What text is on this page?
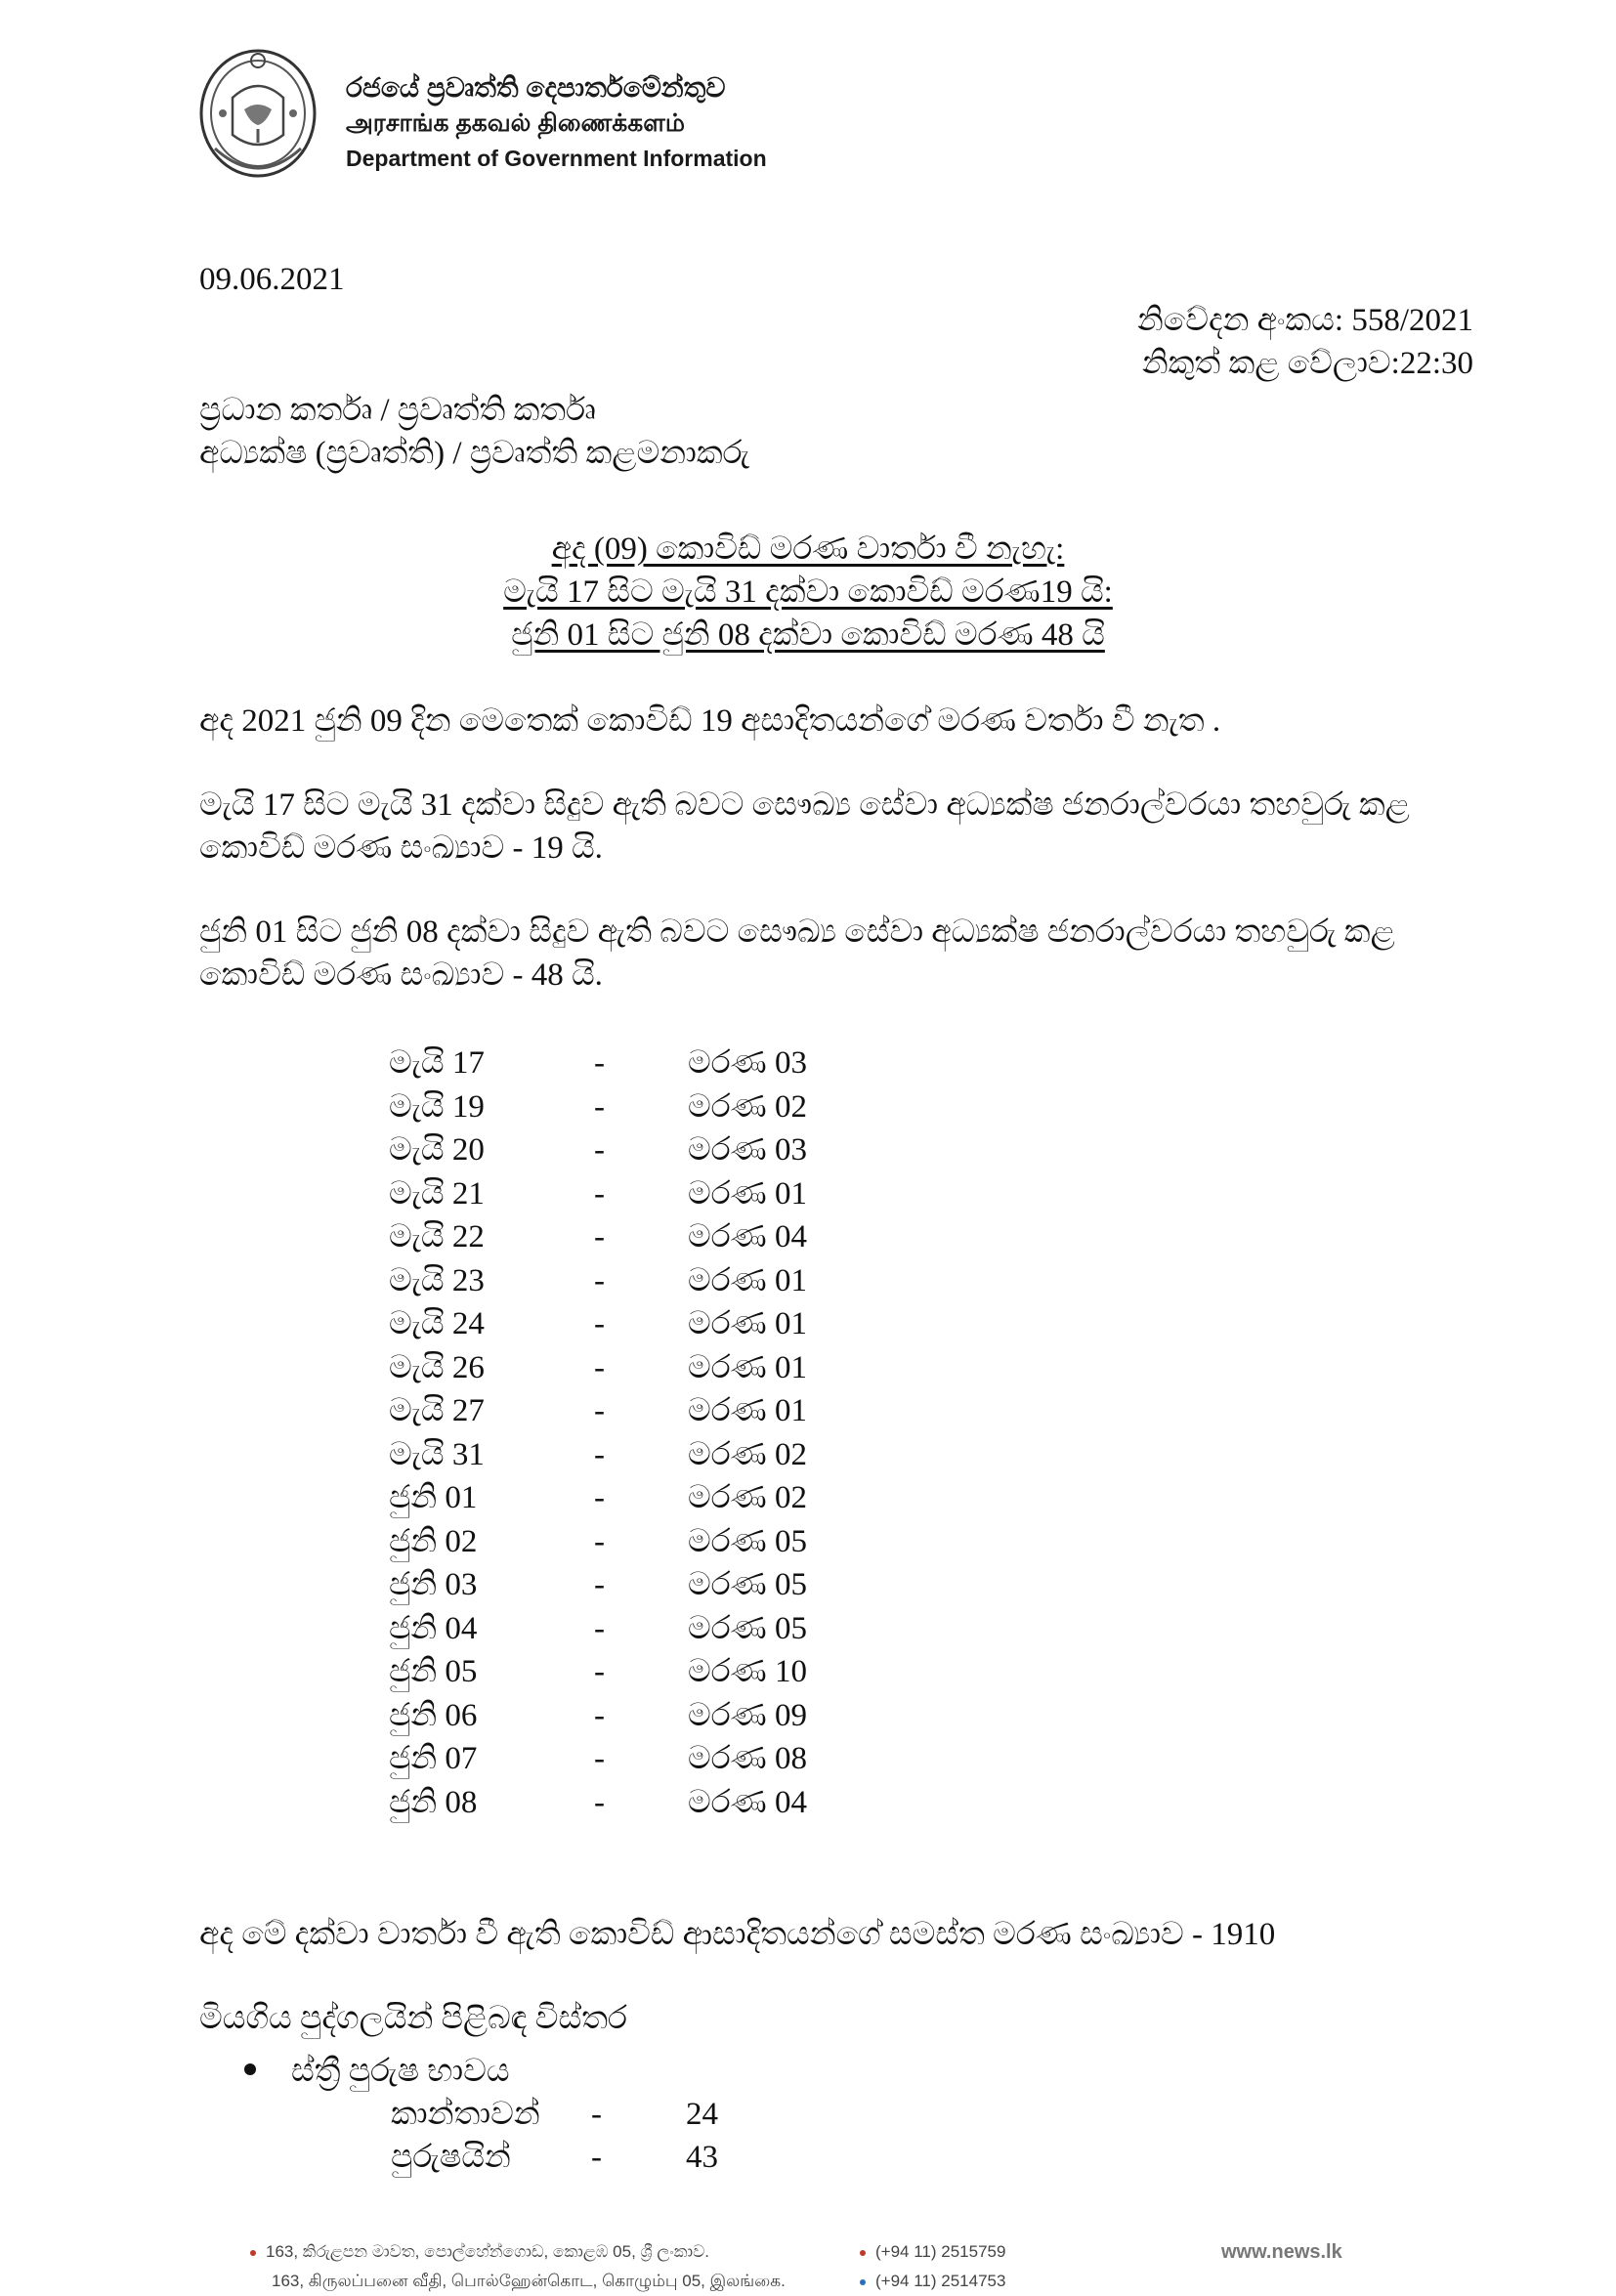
රජයේ ප්‍රවෘත්ති දෙපාර්තමේන්තුව
அரசாங்க தகவல் திணைக்களம்
Department of Government Information
09.06.2021
නිවේදන අංකය: 558/2021
නිකුත් කළ වේලාව:22:30
ප්‍රධාන කර්තෘ / ප්‍රවෘත්ති කර්තෘ
අධ්‍යක්ෂ (ප්‍රවෘත්ති) / ප්‍රවෘත්ති කළමනාකරු
අද (09) කොවිඩ් මරණ වාර්තා වී නැහැ:
මැයි 17 සිට මැයි 31 දක්වා කොවිඩ් මරණ19 යි:
ජුනි 01 සිට ජුනි 08 දක්වා කොවිඩ් මරණ 48 යි
අද 2021 ජුනි 09 දින මෙතෙක් කොවිඩ් 19 අසාදිතයන්ගේ මරණ වර්තා වී නැත .
මැයි 17 සිට මැයි 31 දක්වා සිදුව ඇති බවට සෞඛ්‍ය සේවා අධ්‍යක්ෂ ජනරාල්වරයා තහවුරු කළ කොවිඩ් මරණ සංඛ්‍යාව - 19 යි.
ජුනි 01 සිට ජුනි 08 දක්වා සිදුව ඇති බවට සෞඛ්‍ය සේවා අධ්‍යක්ෂ ජනරාල්වරයා තහවුරු කළ කොවිඩ් මරණ සංඛ්‍යාව - 48 යි.
මැයි 17	-	මරණ 03
මැයි 19	-	මරණ 02
මැයි 20	-	මරණ 03
මැයි 21	-	මරණ 01
මැයි 22	-	මරණ 04
මැයි 23	-	මරණ 01
මැයි 24	-	මරණ 01
මැයි 26	-	මරණ 01
මැයි 27	-	මරණ 01
මැයි 31	-	මරණ 02
ජුනි 01	-	මරණ 02
ජුනි 02	-	මරණ 05
ජුනි 03	-	මරණ 05
ජුනි 04	-	මරණ 05
ජුනි 05	-	මරණ 10
ජුනි 06	-	මරණ 09
ජුනි 07	-	මරණ 08
ජුනි 08	-	මරණ 04
අද මේ දක්වා වාර්තා වී ඇති කොවිඩ් ආසාදිතයන්ගේ සමස්ත මරණ සංඛ්‍යාව - 1910
මියගිය පුද්ගලයින් පිළිබඳ විස්තර
ස්ත්‍රී පුරුෂ භාවය
කාන්තාවන් -	24
පුරුෂයින් -	43
163, කිරුළපන මාවත, පොල්හේන්ගොඩ, කොළඹ 05, ශ්‍රී ලංකාව.
163, கிருலப்பனை வீதி, பொல்ஹேன்கொட, கொழும்பு 05, இலங்கை.
(+94 11) 2515759
(+94 11) 2514753
www.news.lk
